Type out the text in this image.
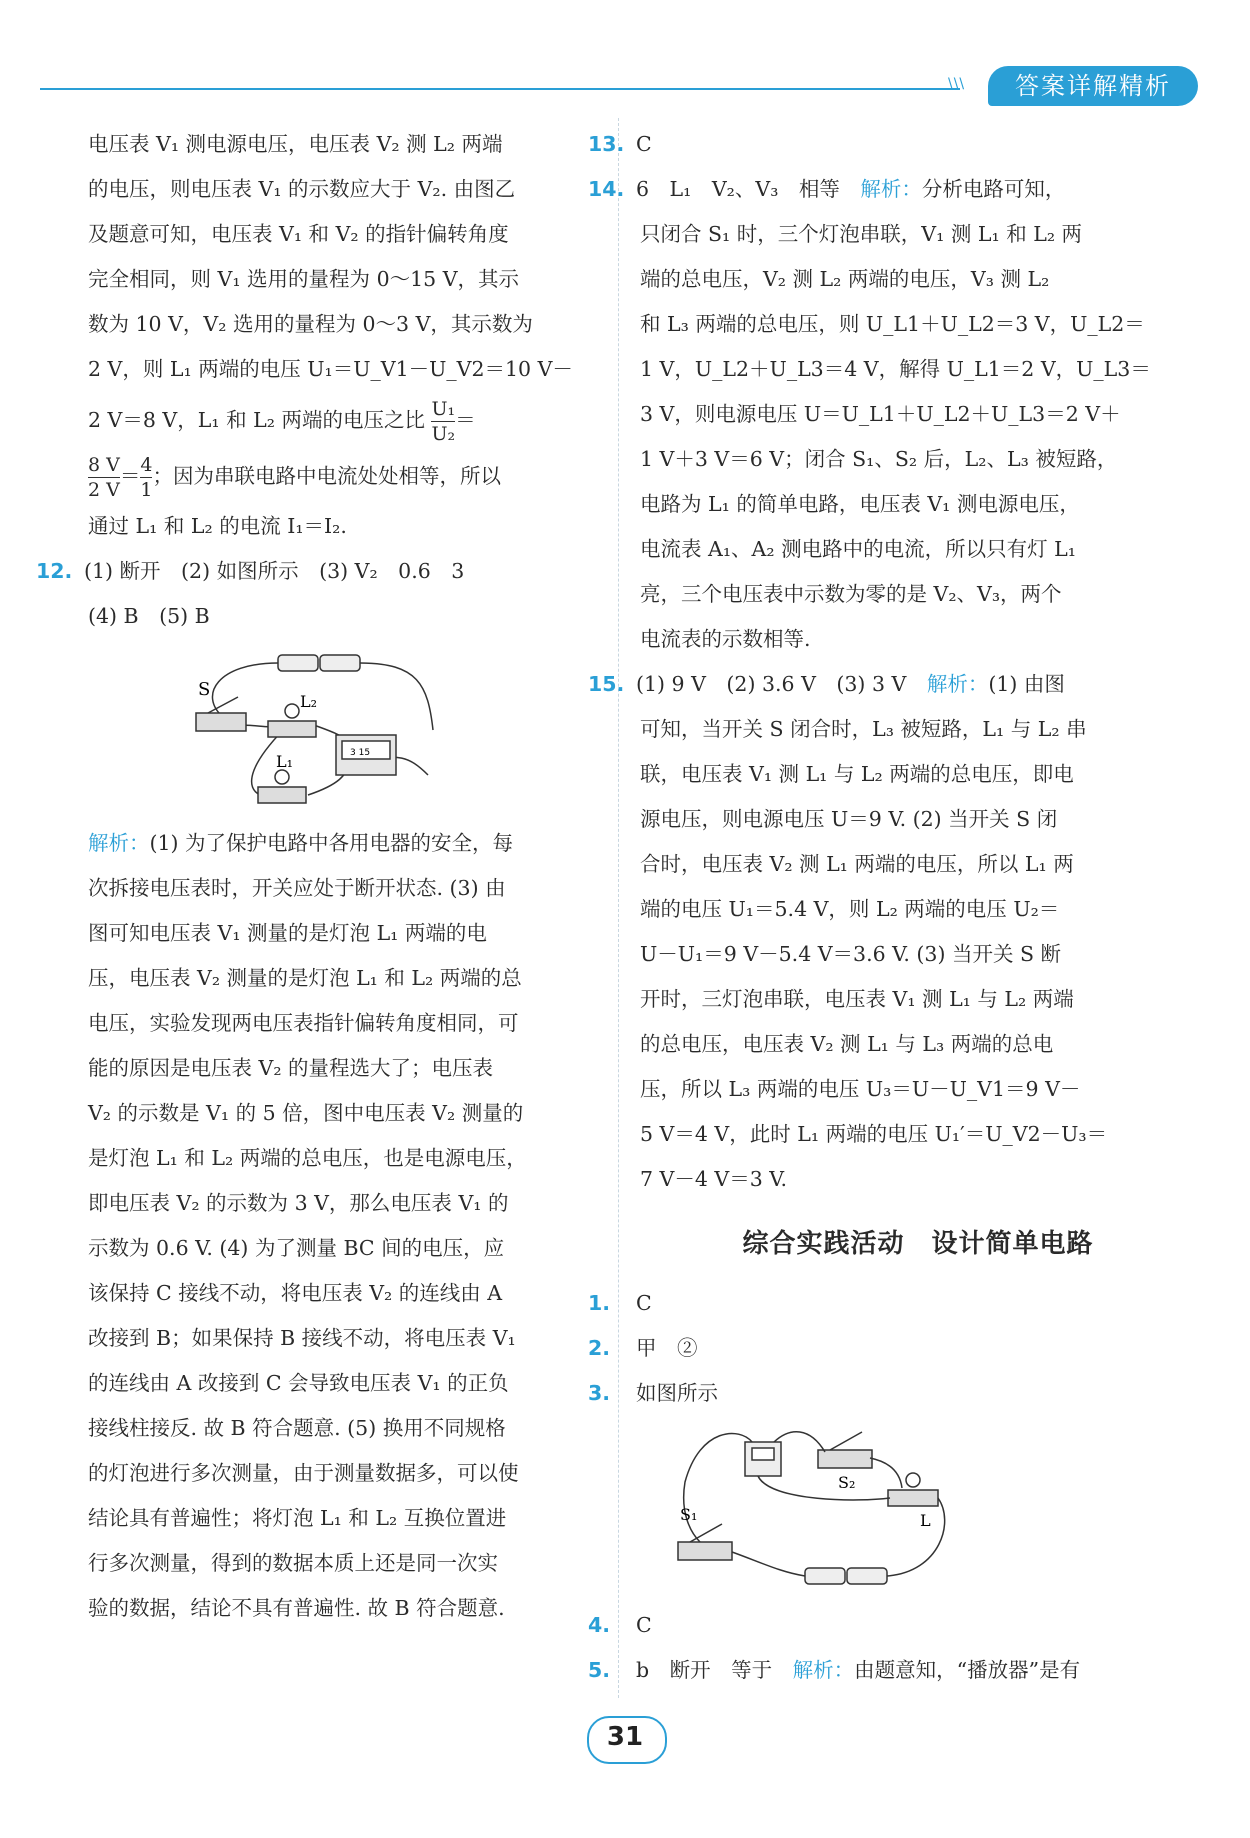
\\\	答案详解精析

电压表 V₁ 测电源电压，电压表 V₂ 测 L₂ 两端

的电压，则电压表 V₁ 的示数应大于 V₂. 由图乙

及题意可知，电压表 V₁ 和 V₂ 的指针偏转角度

完全相同，则 V₁ 选用的量程为 0～15 V，其示

数为 10 V，V₂ 选用的量程为 0～3 V，其示数为

2 V，则 L₁ 两端的电压 U₁＝U_V1－U_V2＝10 V－

2 V＝8 V，L₁ 和 L₂ 两端的电压之比 $\frac{\text{U₁}}{\text{U₂}}$ ＝

$\frac{8 V}{2 V} = \frac{4}{1}$ ；因为串联电路中电流处处相等，所以

通过 L₁ 和 L₂ 的电流 I₁＝I₂.

12. (1) 断开　(2) 如图所示　(3) V₂　0.6　3

(4) B　(5) B

S
L₂
L₁	3 15

解析：(1) 为了保护电路中各用电器的安全，每

次拆接电压表时，开关应处于断开状态. (3) 由

图可知电压表 V₁ 测量的是灯泡 L₁ 两端的电

压，电压表 V₂ 测量的是灯泡 L₁ 和 L₂ 两端的总

电压，实验发现两电压表指针偏转角度相同，可

能的原因是电压表 V₂ 的量程选大了；电压表

V₂ 的示数是 V₁ 的 5 倍，图中电压表 V₂ 测量的

是灯泡 L₁ 和 L₂ 两端的总电压，也是电源电压，

即电压表 V₂ 的示数为 3 V，那么电压表 V₁ 的

示数为 0.6 V. (4) 为了测量 BC 间的电压，应

该保持 C 接线不动，将电压表 V₂ 的连线由 A

改接到 B；如果保持 B 接线不动，将电压表 V₁

的连线由 A 改接到 C 会导致电压表 V₁ 的正负

接线柱接反. 故 B 符合题意. (5) 换用不同规格

的灯泡进行多次测量，由于测量数据多，可以使

结论具有普遍性；将灯泡 L₁ 和 L₂ 互换位置进

行多次测量，得到的数据本质上还是同一次实

验的数据，结论不具有普遍性. 故 B 符合题意.

13. C

14. 6　L₁　V₂、V₃　相等　 解析：分析电路可知，

只闭合 S₁ 时，三个灯泡串联，V₁ 测 L₁ 和 L₂ 两

端的总电压，V₂ 测 L₂ 两端的电压，V₃ 测 L₂

和 L₃ 两端的总电压，则 U_L1＋U_L2＝3 V，U_L2＝

1 V，U_L2＋U_L3＝4 V，解得 U_L1＝2 V，U_L3＝

3 V，则电源电压 U＝U_L1＋U_L2＋U_L3＝2 V＋

1 V＋3 V＝6 V；闭合 S₁、S₂ 后，L₂、L₃ 被短路，

电路为 L₁ 的简单电路，电压表 V₁ 测电源电压，

电流表 A₁、A₂ 测电路中的电流，所以只有灯 L₁

亮，三个电压表中示数为零的是 V₂、V₃，两个

电流表的示数相等.

15. (1) 9 V　(2) 3.6 V　(3) 3 V　 解析：(1) 由图

可知，当开关 S 闭合时，L₃ 被短路，L₁ 与 L₂ 串

联，电压表 V₁ 测 L₁ 与 L₂ 两端的总电压，即电

源电压，则电源电压 U＝9 V. (2) 当开关 S 闭

合时，电压表 V₂ 测 L₁ 两端的电压，所以 L₁ 两

端的电压 U₁＝5.4 V，则 L₂ 两端的电压 U₂＝

U－U₁＝9 V－5.4 V＝3.6 V. (3) 当开关 S 断

开时，三灯泡串联，电压表 V₁ 测 L₁ 与 L₂ 两端

的总电压，电压表 V₂ 测 L₁ 与 L₃ 两端的总电

压，所以 L₃ 两端的电压 U₃＝U－U_V1＝9 V－

5 V＝4 V，此时 L₁ 两端的电压 U₁′＝U_V2－U₃＝

7 V－4 V＝3 V.

综合实践活动　设计简单电路

1. C

2. 甲　②

3. 如图所示

S₁
S₂
L

4. C

5. b　断开　等于　 解析：由题意知，“播放器”是有

31
